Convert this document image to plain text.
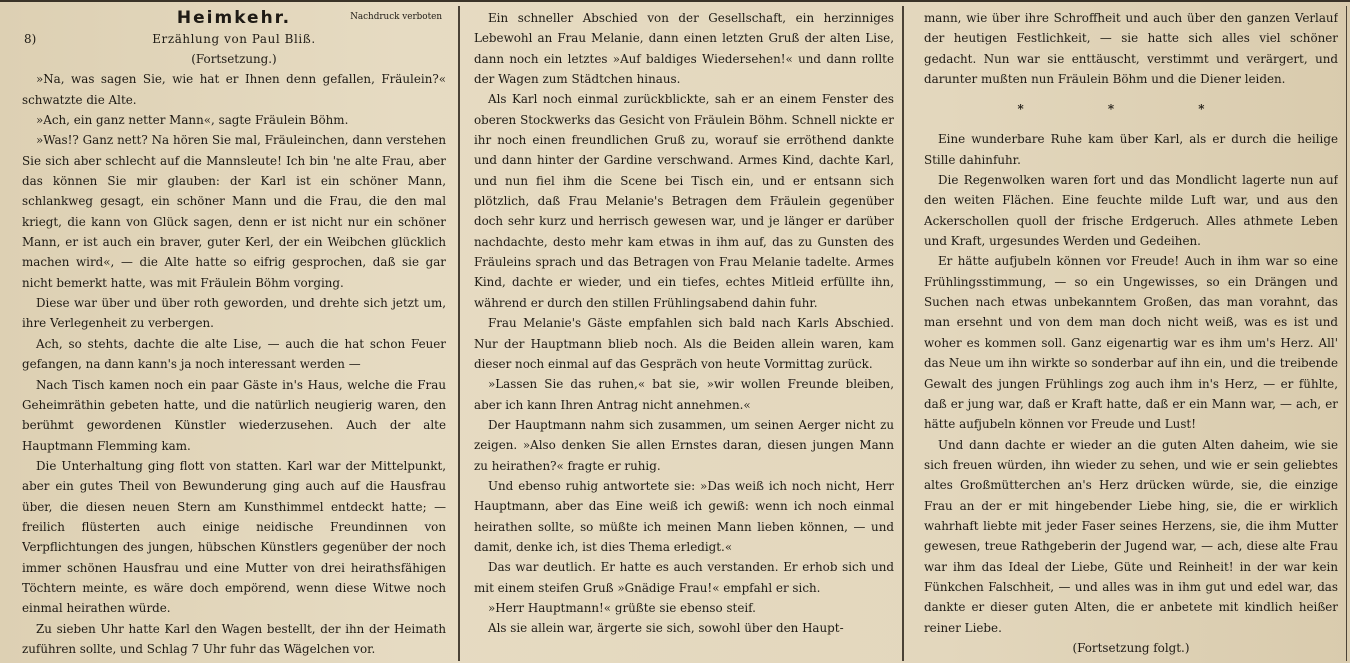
Heimkehr.	Nachdruck verboten
8)	Erzählung von Paul Bliß.

(Fortsetzung.)

»Na, was sagen Sie, wie hat er Ihnen denn gefallen, Fräulein?« schwatzte die Alte.

»Ach, ein ganz netter Mann«, sagte Fräulein Böhm.

»Was!? Ganz nett? Na hören Sie mal, Fräuleinchen, dann verstehen Sie sich aber schlecht auf die Mannsleute! Ich bin 'ne alte Frau, aber das können Sie mir glauben: der Karl ist ein schöner Mann, schlankweg gesagt, ein schöner Mann und die Frau, die den mal kriegt, die kann von Glück sagen, denn er ist nicht nur ein schöner Mann, er ist auch ein braver, guter Kerl, der ein Weibchen glücklich machen wird«, — die Alte hatte so eifrig gesprochen, daß sie gar nicht bemerkt hatte, was mit Fräulein Böhm vorging.

Diese war über und über roth geworden, und drehte sich jetzt um, ihre Verlegenheit zu verbergen.

Ach, so stehts, dachte die alte Lise, — auch die hat schon Feuer gefangen, na dann kann's ja noch interessant werden —

Nach Tisch kamen noch ein paar Gäste in's Haus, welche die Frau Geheimräthin gebeten hatte, und die natürlich neugierig waren, den berühmt gewordenen Künstler wiederzusehen. Auch der alte Hauptmann Flemming kam.

Die Unterhaltung ging flott von statten. Karl war der Mittelpunkt, aber ein gutes Theil von Bewunderung ging auch auf die Hausfrau über, die diesen neuen Stern am Kunsthimmel entdeckt hatte; — freilich flüsterten auch einige neidische Freundinnen von Verpflichtungen des jungen, hübschen Künstlers gegenüber der noch immer schönen Hausfrau und eine Mutter von drei heirathsfähigen Töchtern meinte, es wäre doch empörend, wenn diese Witwe noch einmal heirathen würde.

Zu sieben Uhr hatte Karl den Wagen bestellt, der ihn der Heimath zuführen sollte, und Schlag 7 Uhr fuhr das Wägelchen vor.

Ein schneller Abschied von der Gesellschaft, ein herzinniges Lebewohl an Frau Melanie, dann einen letzten Gruß der alten Lise, dann noch ein letztes »Auf baldiges Wiedersehen!« und dann rollte der Wagen zum Städtchen hinaus.

Als Karl noch einmal zurückblickte, sah er an einem Fenster des oberen Stockwerks das Gesicht von Fräulein Böhm. Schnell nickte er ihr noch einen freundlichen Gruß zu, worauf sie erröthend dankte und dann hinter der Gardine verschwand. Armes Kind, dachte Karl, und nun fiel ihm die Scene bei Tisch ein, und er entsann sich plötzlich, daß Frau Melanie's Betragen dem Fräulein gegenüber doch sehr kurz und herrisch gewesen war, und je länger er darüber nachdachte, desto mehr kam etwas in ihm auf, das zu Gunsten des Fräuleins sprach und das Betragen von Frau Melanie tadelte. Armes Kind, dachte er wieder, und ein tiefes, echtes Mitleid erfüllte ihn, während er durch den stillen Frühlingsabend dahin fuhr.

Frau Melanie's Gäste empfahlen sich bald nach Karls Abschied. Nur der Hauptmann blieb noch. Als die Beiden allein waren, kam dieser noch einmal auf das Gespräch von heute Vormittag zurück.

»Lassen Sie das ruhen,« bat sie, »wir wollen Freunde bleiben, aber ich kann Ihren Antrag nicht annehmen.«

Der Hauptmann nahm sich zusammen, um seinen Aerger nicht zu zeigen. »Also denken Sie allen Ernstes daran, diesen jungen Mann zu heirathen?« fragte er ruhig.

Und ebenso ruhig antwortete sie: »Das weiß ich noch nicht, Herr Hauptmann, aber das Eine weiß ich gewiß: wenn ich noch einmal heirathen sollte, so müßte ich meinen Mann lieben können, — und damit, denke ich, ist dies Thema erledigt.«

Das war deutlich. Er hatte es auch verstanden. Er erhob sich und mit einem steifen Gruß »Gnädige Frau!« empfahl er sich.

»Herr Hauptmann!« grüßte sie ebenso steif.

Als sie allein war, ärgerte sie sich, sowohl über den Haupt-

mann, wie über ihre Schroffheit und auch über den ganzen Verlauf der heutigen Festlichkeit, — sie hatte sich alles viel schöner gedacht. Nun war sie enttäuscht, verstimmt und verärgert, und darunter mußten nun Fräulein Böhm und die Diener leiden.

* * *

Eine wunderbare Ruhe kam über Karl, als er durch die heilige Stille dahinfuhr.

Die Regenwolken waren fort und das Mondlicht lagerte nun auf den weiten Flächen. Eine feuchte milde Luft war, und aus den Ackerschollen quoll der frische Erdgeruch. Alles athmete Leben und Kraft, urgesundes Werden und Gedeihen.

Er hätte aufjubeln können vor Freude! Auch in ihm war so eine Frühlingsstimmung, — so ein Ungewisses, so ein Drängen und Suchen nach etwas unbekanntem Großen, das man vorahnt, das man ersehnt und von dem man doch nicht weiß, was es ist und woher es kommen soll. Ganz eigenartig war es ihm um's Herz. All' das Neue um ihn wirkte so sonderbar auf ihn ein, und die treibende Gewalt des jungen Frühlings zog auch ihm in's Herz, — er fühlte, daß er jung war, daß er Kraft hatte, daß er ein Mann war, — ach, er hätte aufjubeln können vor Freude und Lust!

Und dann dachte er wieder an die guten Alten daheim, wie sie sich freuen würden, ihn wieder zu sehen, und wie er sein geliebtes altes Großmütterchen an's Herz drücken würde, sie, die einzige Frau an der er mit hingebender Liebe hing, sie, die er wirklich wahrhaft liebte mit jeder Faser seines Herzens, sie, die ihm Mutter gewesen, treue Rathgeberin der Jugend war, — ach, diese alte Frau war ihm das Ideal der Liebe, Güte und Reinheit! in der war kein Fünkchen Falschheit, — und alles was in ihm gut und edel war, das dankte er dieser guten Alten, die er anbetete mit kindlich heißer reiner Liebe.

(Fortsetzung folgt.)
